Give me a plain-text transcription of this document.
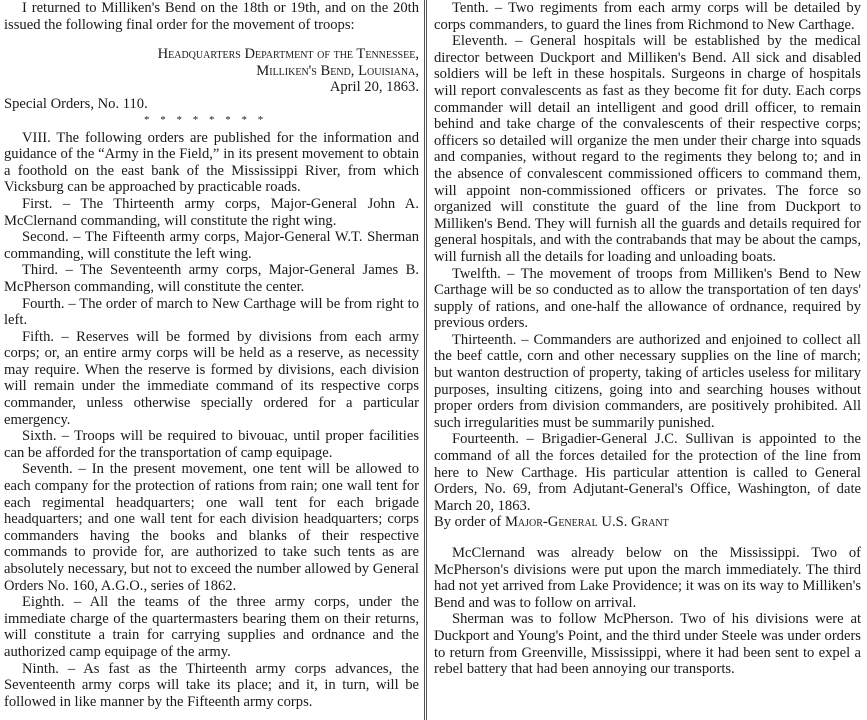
I returned to Milliken's Bend on the 18th or 19th, and on the 20th issued the following final order for the movement of troops:

Headquarters Department of the Tennessee,

Milliken's Bend, Louisiana,

April 20, 1863.

Special Orders, No. 110.

* * * * * * * *

VIII. The following orders are published for the information and guidance of the “Army in the Field,” in its present movement to obtain a foothold on the east bank of the Mississippi River, from which Vicksburg can be approached by practicable roads.

First. – The Thirteenth army corps, Major-General John A. McClernand commanding, will constitute the right wing.

Second. – The Fifteenth army corps, Major-General W.T. Sherman commanding, will constitute the left wing.

Third. – The Seventeenth army corps, Major-General James B. McPherson commanding, will constitute the center.

Fourth. – The order of march to New Carthage will be from right to left.

Fifth. – Reserves will be formed by divisions from each army corps; or, an entire army corps will be held as a reserve, as necessity may require. When the reserve is formed by divisions, each division will remain under the immediate command of its respective corps commander, unless otherwise specially ordered for a particular emergency.

Sixth. – Troops will be required to bivouac, until proper facilities can be afforded for the transportation of camp equipage.

Seventh. – In the present movement, one tent will be allowed to each company for the protection of rations from rain; one wall tent for each regimental headquarters; one wall tent for each brigade headquarters; and one wall tent for each division headquarters; corps commanders having the books and blanks of their respective commands to provide for, are authorized to take such tents as are absolutely necessary, but not to exceed the number allowed by General Orders No. 160, A.G.O., series of 1862.

Eighth. – All the teams of the three army corps, under the immediate charge of the quartermasters bearing them on their returns, will constitute a train for carrying supplies and ordnance and the authorized camp equipage of the army.

Ninth. – As fast as the Thirteenth army corps advances, the Seventeenth army corps will take its place; and it, in turn, will be followed in like manner by the Fifteenth army corps.

Tenth. – Two regiments from each army corps will be detailed by corps commanders, to guard the lines from Richmond to New Carthage.

Eleventh. – General hospitals will be established by the medical director between Duckport and Milliken's Bend. All sick and disabled soldiers will be left in these hospitals. Surgeons in charge of hospitals will report convalescents as fast as they become fit for duty. Each corps commander will detail an intelligent and good drill officer, to remain behind and take charge of the convalescents of their respective corps; officers so detailed will organize the men under their charge into squads and companies, without regard to the regiments they belong to; and in the absence of convalescent commissioned officers to command them, will appoint non-commissioned officers or privates. The force so organized will constitute the guard of the line from Duckport to Milliken's Bend. They will furnish all the guards and details required for general hospitals, and with the contrabands that may be about the camps, will furnish all the details for loading and unloading boats.

Twelfth. – The movement of troops from Milliken's Bend to New Carthage will be so conducted as to allow the transportation of ten days' supply of rations, and one-half the allowance of ordnance, required by previous orders.

Thirteenth. – Commanders are authorized and enjoined to collect all the beef cattle, corn and other necessary supplies on the line of march; but wanton destruction of property, taking of articles useless for military purposes, insulting citizens, going into and searching houses without proper orders from division commanders, are positively prohibited. All such irregularities must be summarily punished.

Fourteenth. – Brigadier-General J.C. Sullivan is appointed to the command of all the forces detailed for the protection of the line from here to New Carthage. His particular attention is called to General Orders, No. 69, from Adjutant-General's Office, Washington, of date March 20, 1863.

By order of Major-General U.S. Grant

McClernand was already below on the Mississippi. Two of McPherson's divisions were put upon the march immediately. The third had not yet arrived from Lake Providence; it was on its way to Milliken's Bend and was to follow on arrival.

Sherman was to follow McPherson. Two of his divisions were at Duckport and Young's Point, and the third under Steele was under orders to return from Greenville, Mississippi, where it had been sent to expel a rebel battery that had been annoying our transports.
